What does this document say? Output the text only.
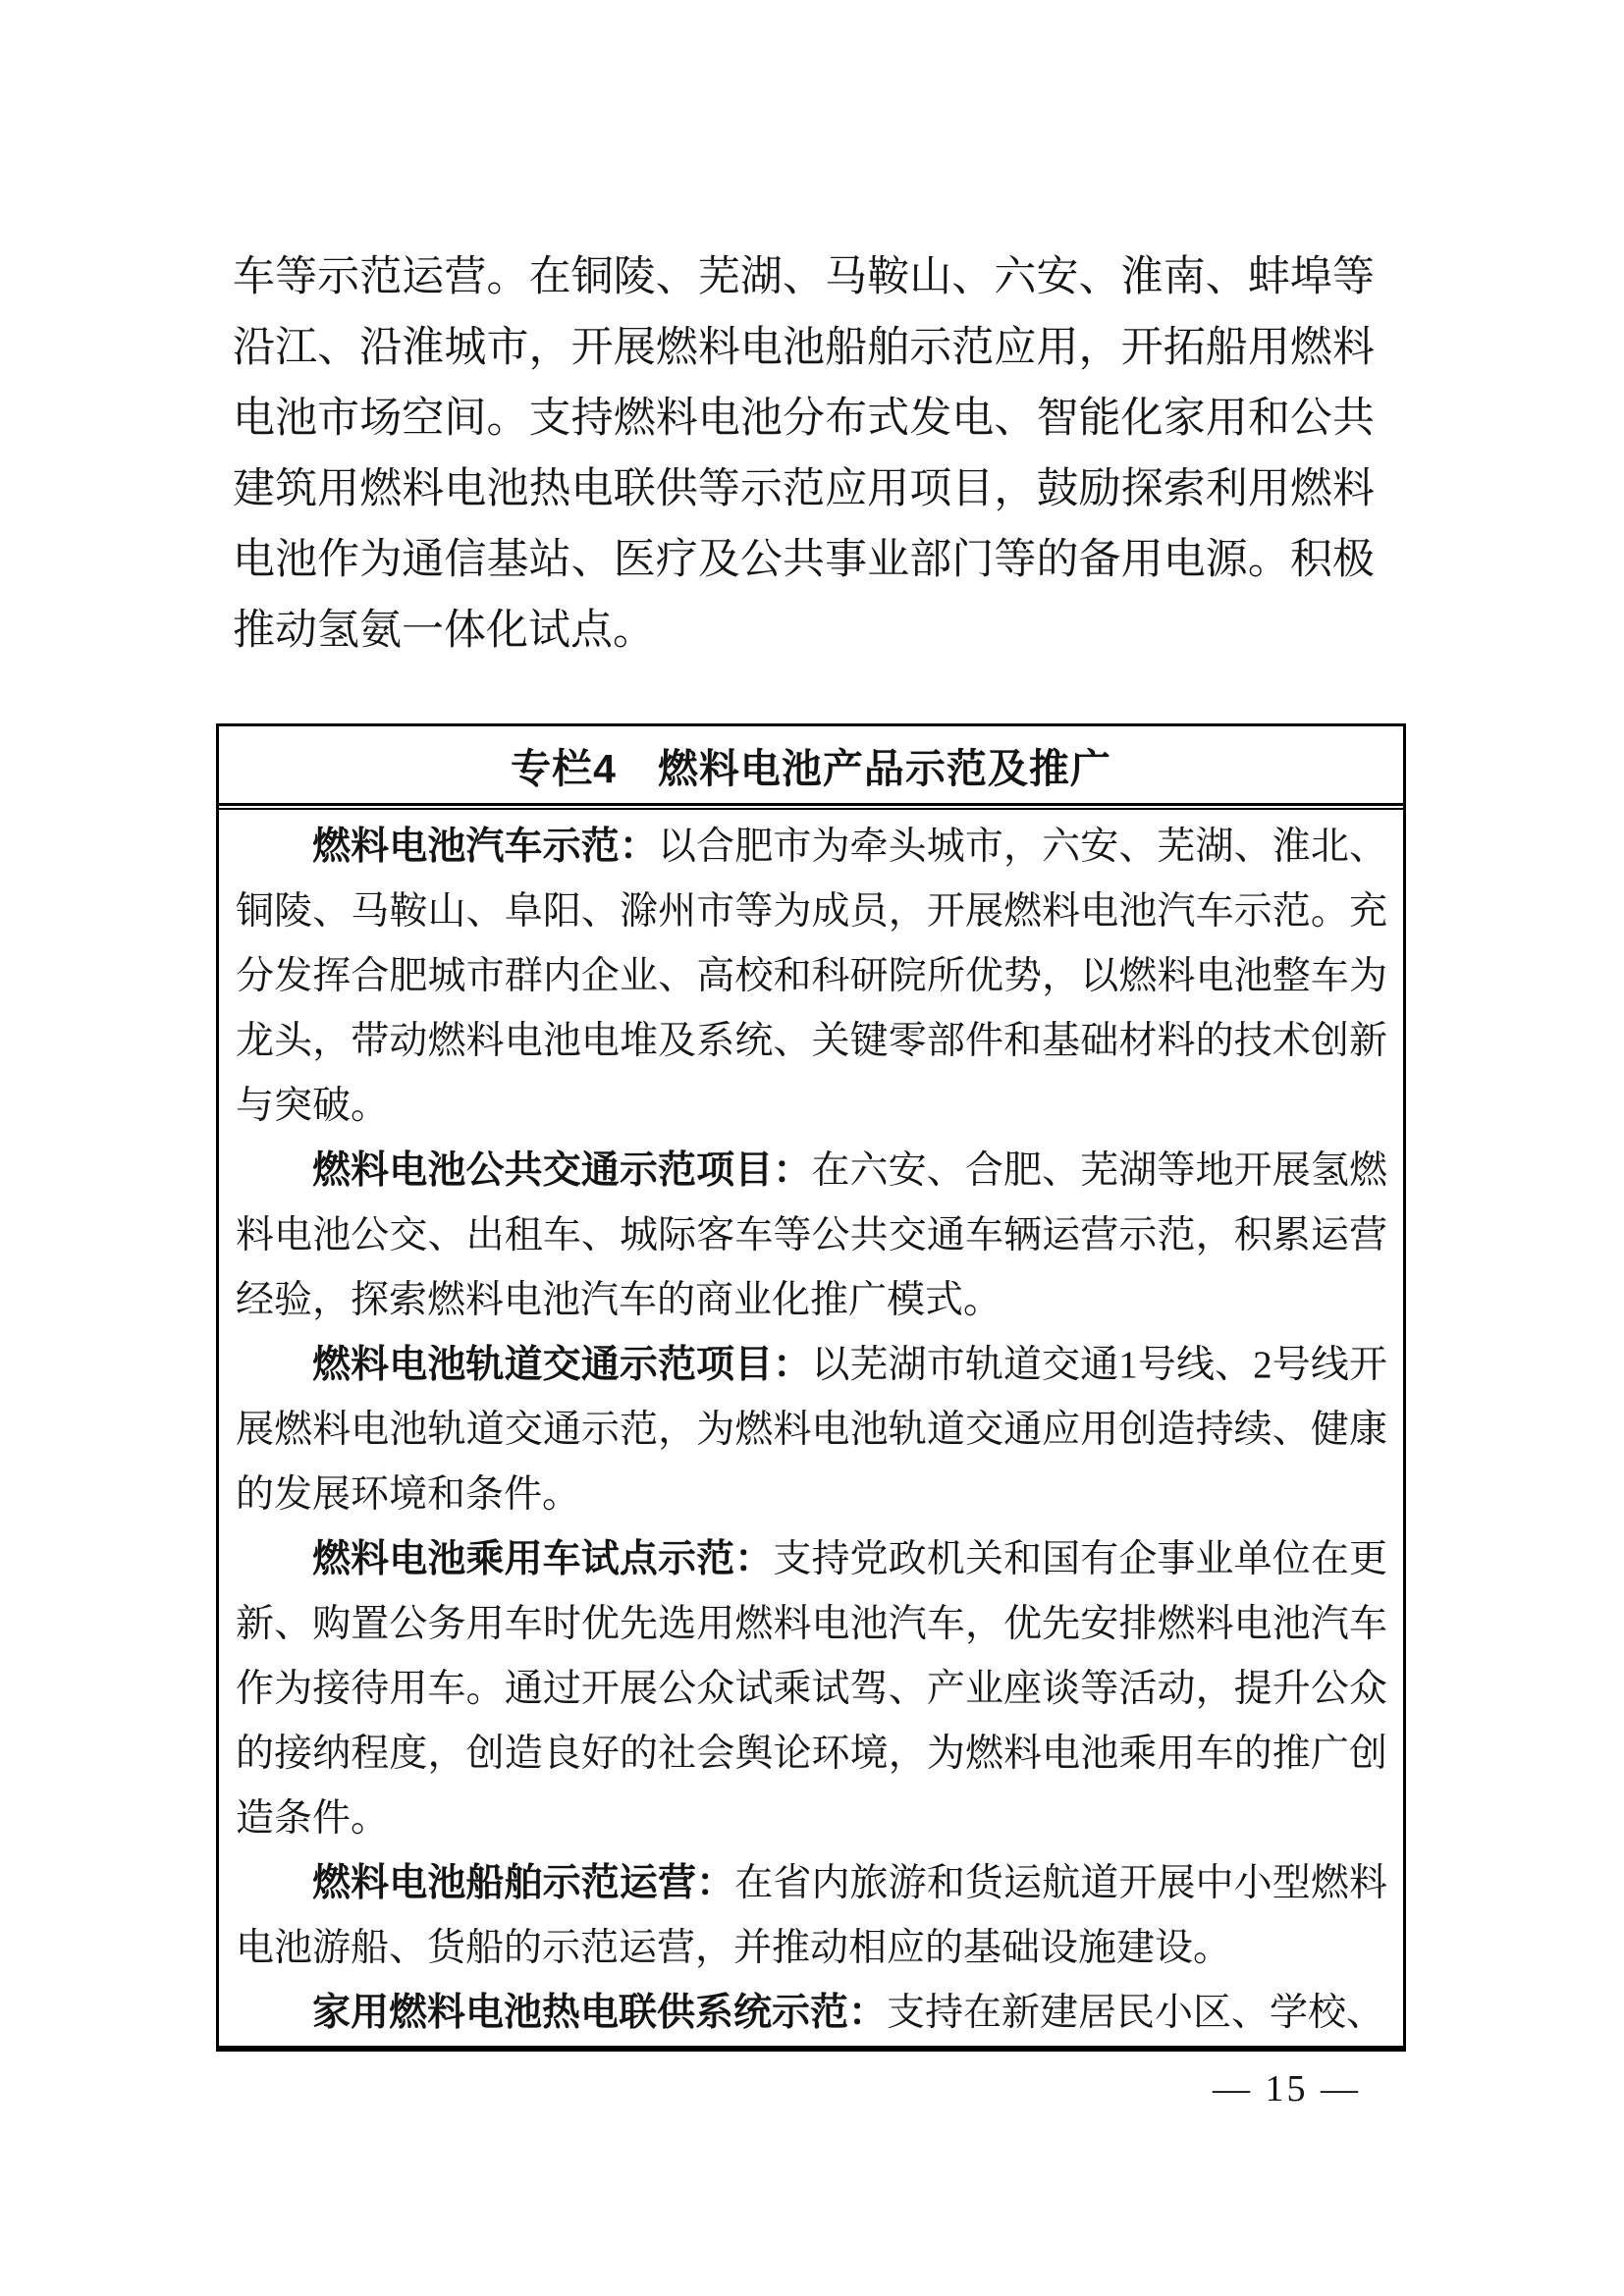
车等示范运营。在铜陵、芜湖、马鞍山、六安、淮南、蚌埠等沿江、沿淮城市，开展燃料电池船舶示范应用，开拓船用燃料电池市场空间。支持燃料电池分布式发电、智能化家用和公共建筑用燃料电池热电联供等示范应用项目，鼓励探索利用燃料电池作为通信基站、医疗及公共事业部门等的备用电源。积极推动氢氨一体化试点。

专栏4　燃料电池产品示范及推广

燃料电池汽车示范：以合肥市为牵头城市，六安、芜湖、淮北、铜陵、马鞍山、阜阳、滁州市等为成员，开展燃料电池汽车示范。充分发挥合肥城市群内企业、高校和科研院所优势，以燃料电池整车为龙头，带动燃料电池电堆及系统、关键零部件和基础材料的技术创新与突破。

燃料电池公共交通示范项目：在六安、合肥、芜湖等地开展氢燃料电池公交、出租车、城际客车等公共交通车辆运营示范，积累运营经验，探索燃料电池汽车的商业化推广模式。

燃料电池轨道交通示范项目：以芜湖市轨道交通1号线、2号线开展燃料电池轨道交通示范，为燃料电池轨道交通应用创造持续、健康的发展环境和条件。

燃料电池乘用车试点示范：支持党政机关和国有企事业单位在更新、购置公务用车时优先选用燃料电池汽车，优先安排燃料电池汽车作为接待用车。通过开展公众试乘试驾、产业座谈等活动，提升公众的接纳程度，创造良好的社会舆论环境，为燃料电池乘用车的推广创造条件。

燃料电池船舶示范运营：在省内旅游和货运航道开展中小型燃料电池游船、货船的示范运营，并推动相应的基础设施建设。

家用燃料电池热电联供系统示范：支持在新建居民小区、学校、

— 15 —
